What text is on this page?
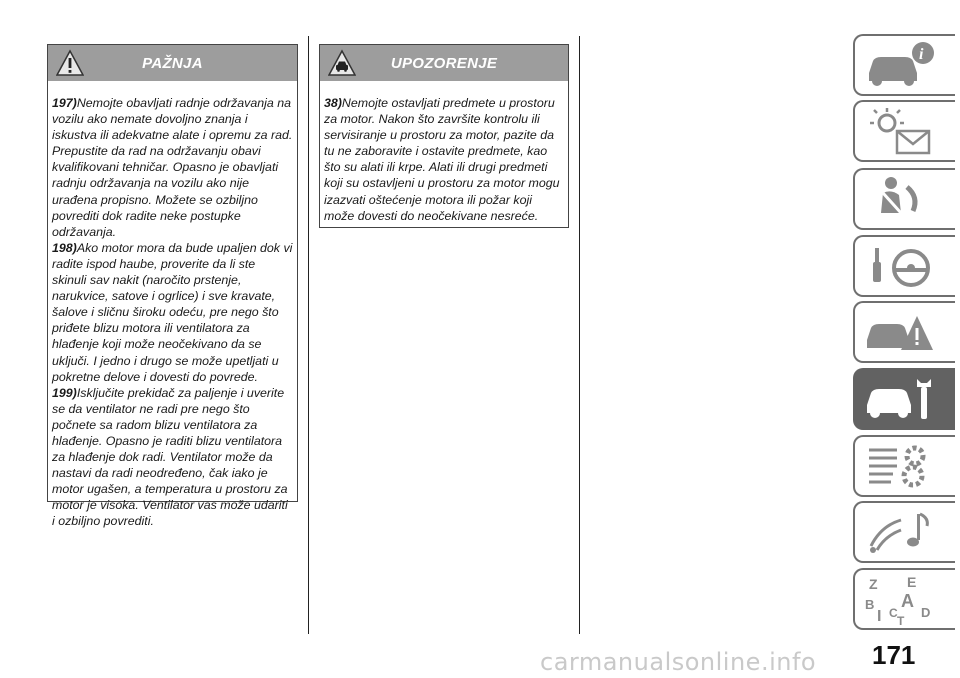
PAŽNJA
197)Nemojte obavljati radnje održavanja na vozilu ako nemate dovoljno znanja i iskustva ili adekvatne alate i opremu za rad. Prepustite da rad na održavanju obavi kvalifikovani tehničar. Opasno je obavljati radnju održavanja na vozilu ako nije urađena propisno. Možete se ozbiljno povrediti dok radite neke postupke održavanja.
198)Ako motor mora da bude upaljen dok vi radite ispod haube, proverite da li ste skinuli sav nakit (naročito prstenje, narukvice, satove i ogrlice) i sve kravate, šalove i sličnu široku odeću, pre nego što priđete blizu motora ili ventilatora za hlađenje koji može neočekivano da se uključi. I jedno i drugo se može upetljati u pokretne delove i dovesti do povrede.
199)Isključite prekidač za paljenje i uverite se da ventilator ne radi pre nego što počnete sa radom blizu ventilatora za hlađenje. Opasno je raditi blizu ventilatora za hlađenje dok radi. Ventilator može da nastavi da radi neodređeno, čak iako je motor ugašen, a temperatura u prostoru za motor je visoka. Ventilator vas može udariti i ozbiljno povrediti.
UPOZORENJE
38)Nemojte ostavljati predmete u prostoru za motor. Nakon što završite kontrolu ili servisiranje u prostoru za motor, pazite da tu ne zaboravite i ostavite predmete, kao što su alati ili krpe. Alati ili drugi predmeti koji su ostavljeni u prostoru za motor mogu izazvati oštećenje motora ili požar koji može dovesti do neočekivane nesreće.
i
Z E
B A
D
I C
T
171
carmanualsonline.info
